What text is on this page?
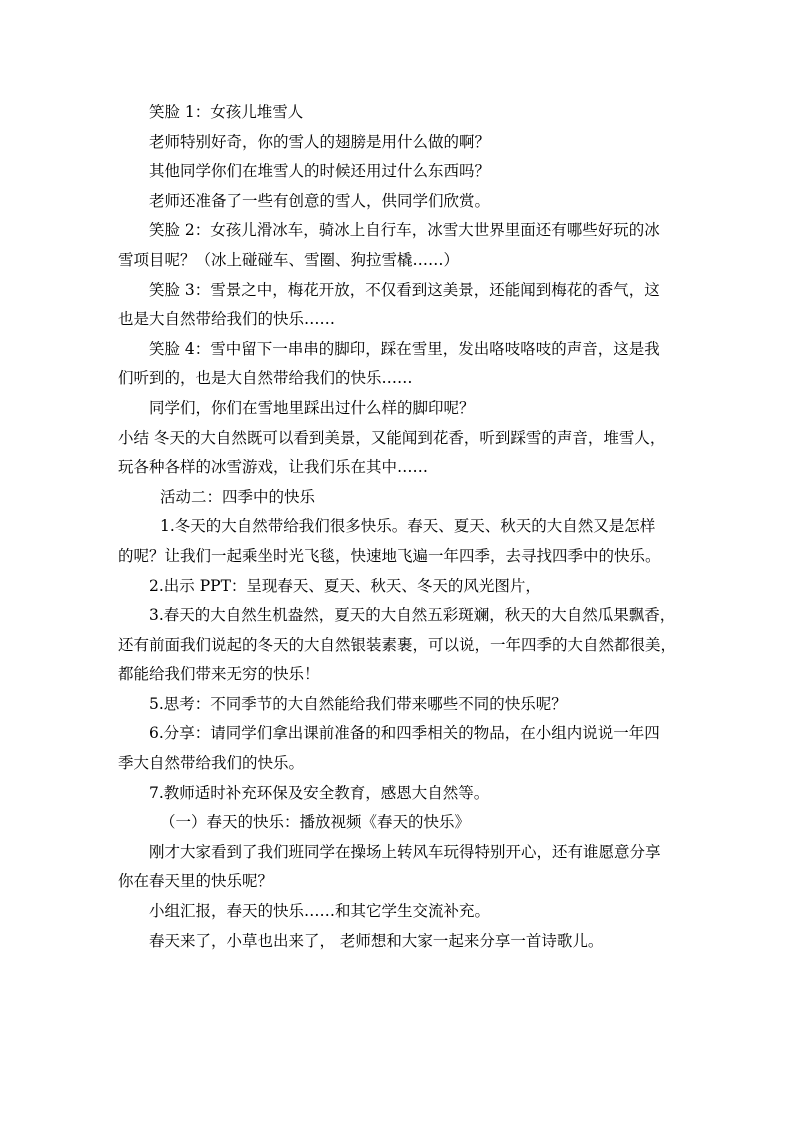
笑脸 1：女孩儿堆雪人
老师特别好奇，你的雪人的翅膀是用什么做的啊？
其他同学你们在堆雪人的时候还用过什么东西吗？
老师还准备了一些有创意的雪人，供同学们欣赏。
笑脸 2：女孩儿滑冰车，骑冰上自行车，冰雪大世界里面还有哪些好玩的冰
雪项目呢？（冰上碰碰车、雪圈、狗拉雪橇……）
笑脸 3：雪景之中，梅花开放，不仅看到这美景，还能闻到梅花的香气，这
也是大自然带给我们的快乐……
笑脸 4：雪中留下一串串的脚印，踩在雪里，发出咯吱咯吱的声音，这是我
们听到的，也是大自然带给我们的快乐……
同学们，你们在雪地里踩出过什么样的脚印呢？
小结 冬天的大自然既可以看到美景，又能闻到花香，听到踩雪的声音，堆雪人，
玩各种各样的冰雪游戏，让我们乐在其中……
活动二：四季中的快乐
1.冬天的大自然带给我们很多快乐。春天、夏天、秋天的大自然又是怎样
的呢？让我们一起乘坐时光飞毯，快速地飞遍一年四季，去寻找四季中的快乐。
2.出示 PPT：呈现春天、夏天、秋天、冬天的风光图片，
3.春天的大自然生机盎然，夏天的大自然五彩斑斓，秋天的大自然瓜果飘香，
还有前面我们说起的冬天的大自然银装素裹，可以说，一年四季的大自然都很美，
都能给我们带来无穷的快乐！
5.思考：不同季节的大自然能给我们带来哪些不同的快乐呢？
6.分享：请同学们拿出课前准备的和四季相关的物品，在小组内说说一年四
季大自然带给我们的快乐。
7.教师适时补充环保及安全教育，感恩大自然等。
（一）春天的快乐：播放视频《春天的快乐》
刚才大家看到了我们班同学在操场上转风车玩得特别开心，还有谁愿意分享
你在春天里的快乐呢？
小组汇报，春天的快乐……和其它学生交流补充。
春天来了，小草也出来了， 老师想和大家一起来分享一首诗歌儿。
